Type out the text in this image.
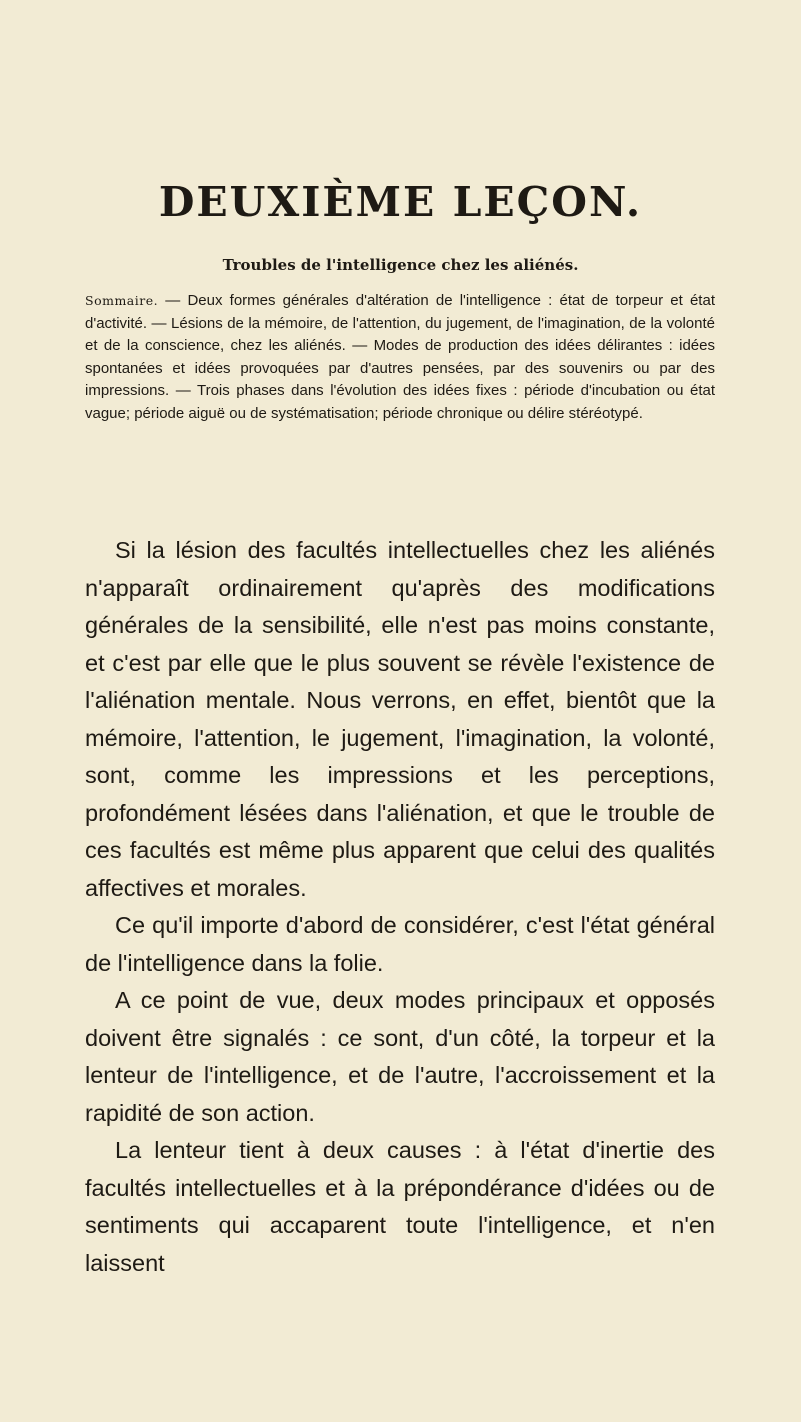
DEUXIÈME LEÇON.
Troubles de l'intelligence chez les aliénés.

Sommaire. — Deux formes générales d'altération de l'intelligence : état de torpeur et état d'activité. — Lésions de la mémoire, de l'attention, du jugement, de l'imagination, de la volonté et de la conscience, chez les aliénés. — Modes de production des idées délirantes : idées spontanées et idées provoquées par d'autres pensées, par des souvenirs ou par des impressions. — Trois phases dans l'évolution des idées fixes : période d'incubation ou état vague; période aiguë ou de systématisation; période chronique ou délire stéréotypé.

Si la lésion des facultés intellectuelles chez les aliénés n'apparaît ordinairement qu'après des modifications générales de la sensibilité, elle n'est pas moins constante, et c'est par elle que le plus souvent se révèle l'existence de l'aliénation mentale. Nous verrons, en effet, bientôt que la mémoire, l'attention, le jugement, l'imagination, la volonté, sont, comme les impressions et les perceptions, profondément lésées dans l'aliénation, et que le trouble de ces facultés est même plus apparent que celui des qualités affectives et morales.

Ce qu'il importe d'abord de considérer, c'est l'état général de l'intelligence dans la folie.

A ce point de vue, deux modes principaux et opposés doivent être signalés : ce sont, d'un côté, la torpeur et la lenteur de l'intelligence, et de l'autre, l'accroissement et la rapidité de son action.

La lenteur tient à deux causes : à l'état d'inertie des facultés intellectuelles et à la prépondérance d'idées ou de sentiments qui accaparent toute l'intelligence, et n'en laissent
